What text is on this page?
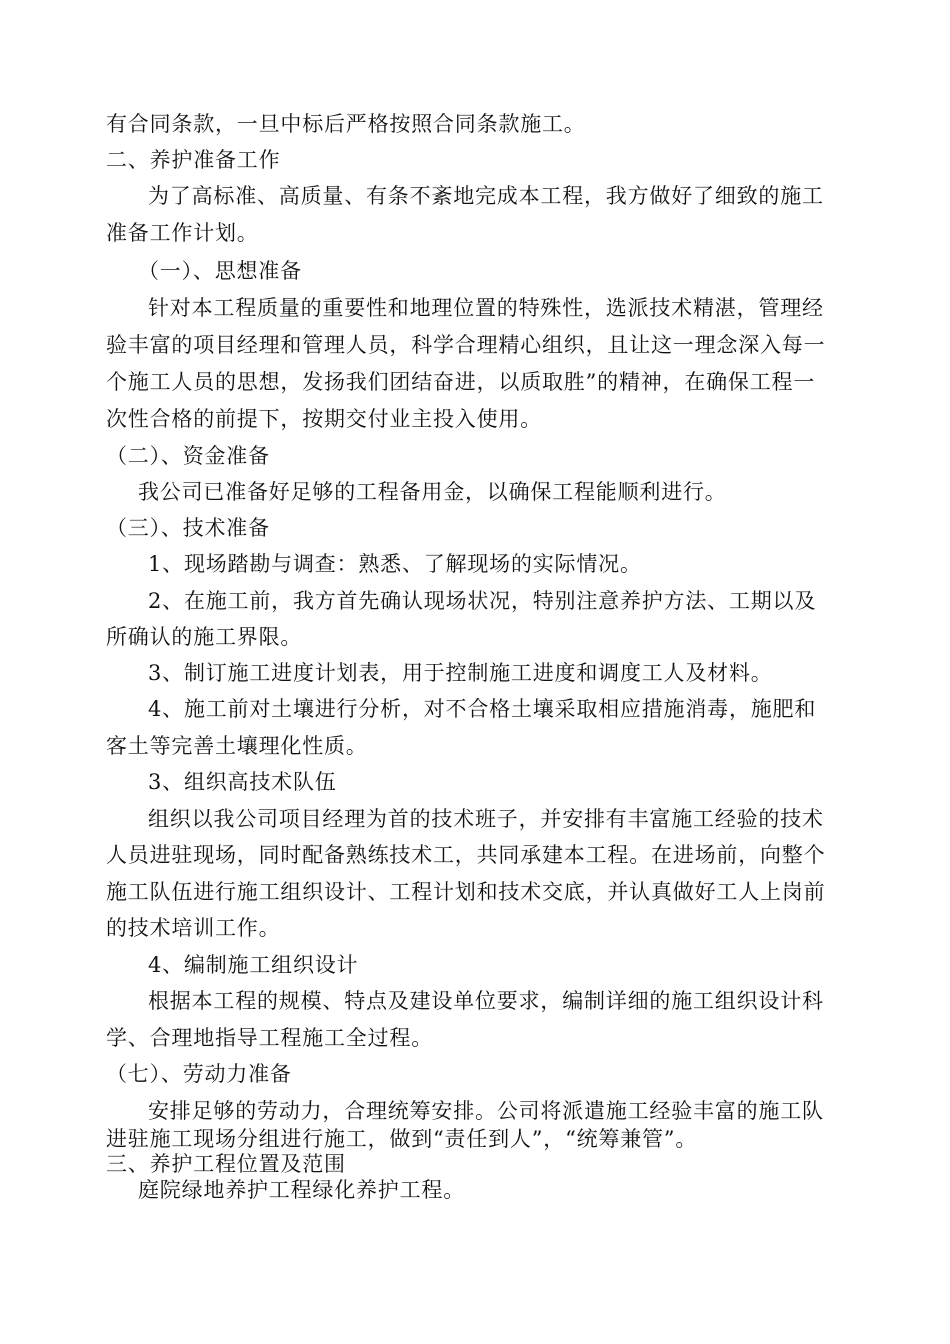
有合同条款，一旦中标后严格按照合同条款施工。
二、养护准备工作
为了高标准、高质量、有条不紊地完成本工程，我方做好了细致的施工
准备工作计划。
（一）、思想准备
针对本工程质量的重要性和地理位置的特殊性，选派技术精湛，管理经
验丰富的项目经理和管理人员，科学合理精心组织，且让这一理念深入每一
个施工人员的思想，发扬我们团结奋进，以质取胜”的精神，在确保工程一
次性合格的前提下，按期交付业主投入使用。
（二）、资金准备
我公司已准备好足够的工程备用金，以确保工程能顺利进行。
（三）、技术准备
1、现场踏勘与调查：熟悉、了解现场的实际情况。
2、在施工前，我方首先确认现场状况，特别注意养护方法、工期以及
所确认的施工界限。
3、制订施工进度计划表，用于控制施工进度和调度工人及材料。
4、施工前对土壤进行分析，对不合格土壤采取相应措施消毒，施肥和
客土等完善土壤理化性质。
3、组织高技术队伍
组织以我公司项目经理为首的技术班子，并安排有丰富施工经验的技术
人员进驻现场，同时配备熟练技术工，共同承建本工程。在进场前，向整个
施工队伍进行施工组织设计、工程计划和技术交底，并认真做好工人上岗前
的技术培训工作。
4、编制施工组织设计
根据本工程的规模、特点及建设单位要求，编制详细的施工组织设计科
学、合理地指导工程施工全过程。
（七）、劳动力准备
安排足够的劳动力，合理统筹安排。公司将派遣施工经验丰富的施工队
进驻施工现场分组进行施工，做到“责任到人”，“统筹兼管”。
三、养护工程位置及范围
庭院绿地养护工程绿化养护工程。
